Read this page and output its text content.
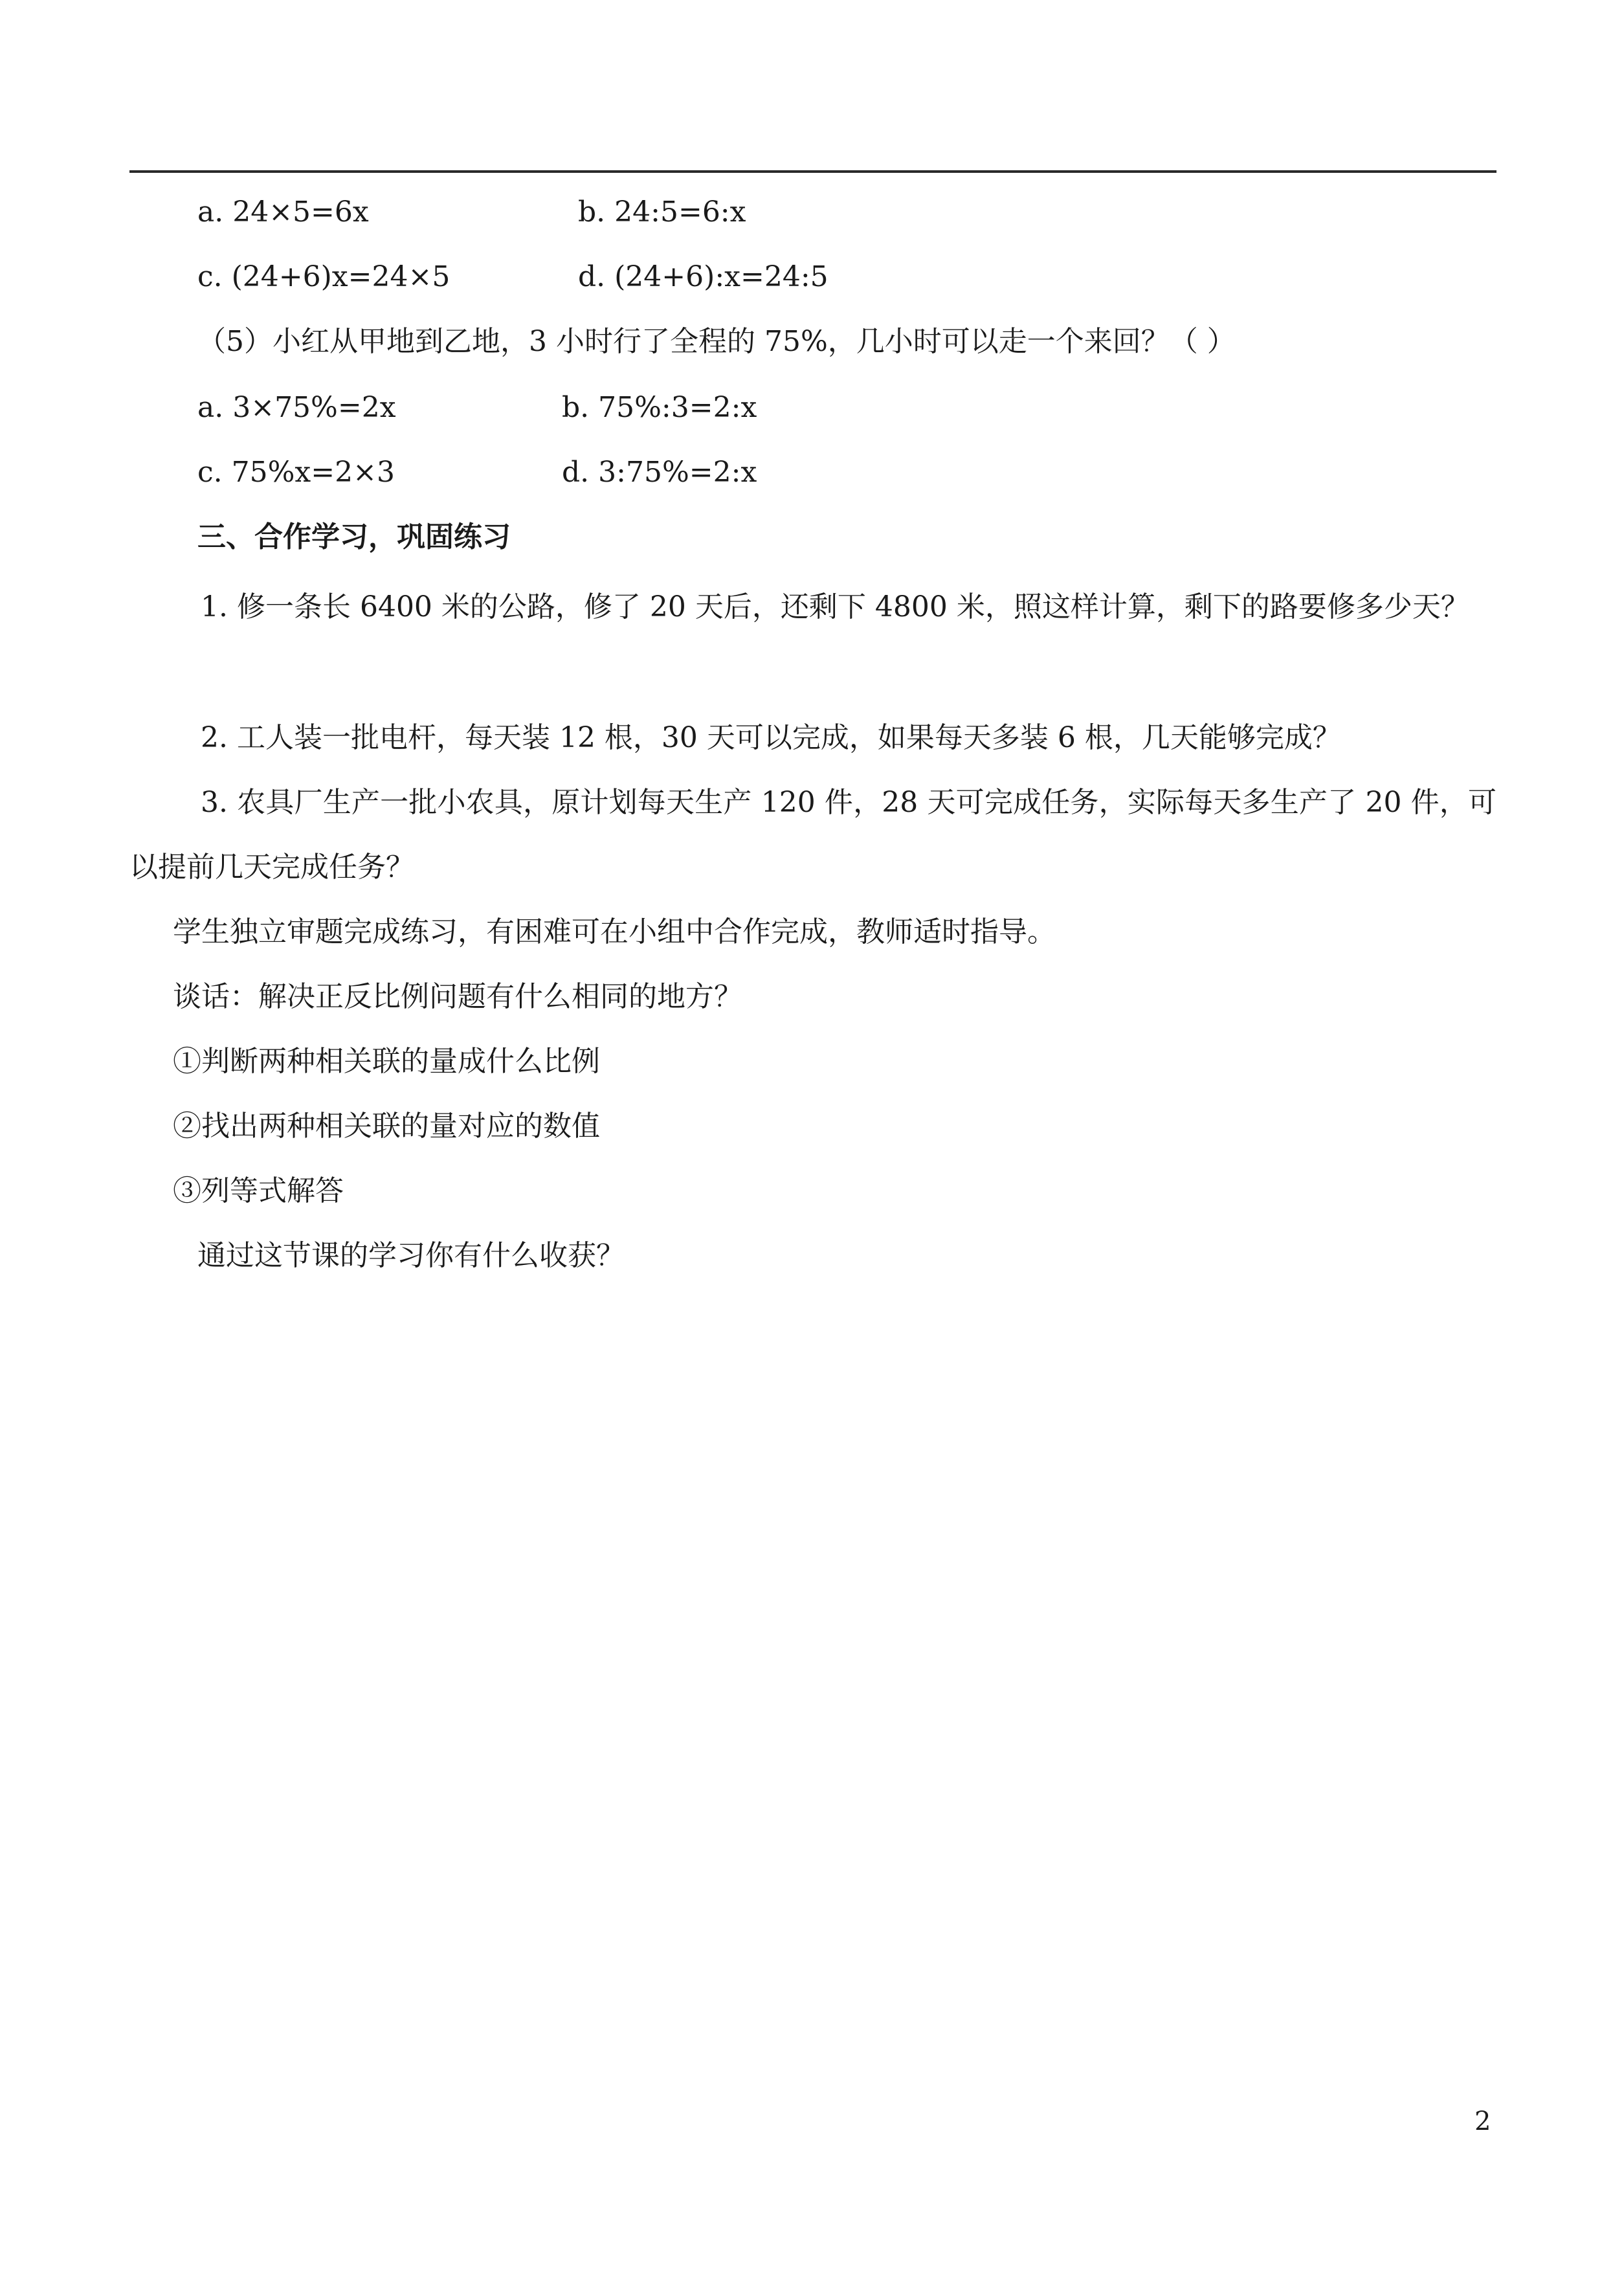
a. 24×5=6x	b. 24:5=6:x
c. (24+6)x=24×5	d. (24+6):x=24:5
（5）小红从甲地到乙地，3 小时行了全程的 75%，几小时可以走一个来回？（ ）
a. 3×75%=2x	b. 75%:3=2:x
c. 75%x=2×3	d. 3:75%=2:x
三、合作学习，巩固练习
1. 修一条长 6400 米的公路，修了 20 天后，还剩下 4800 米，照这样计算，剩下的路要修多少天？
2. 工人装一批电杆，每天装 12 根，30 天可以完成，如果每天多装 6 根，几天能够完成？
3. 农具厂生产一批小农具，原计划每天生产 120 件，28 天可完成任务，实际每天多生产了 20 件，可以提前几天完成任务？
学生独立审题完成练习，有困难可在小组中合作完成，教师适时指导。
谈话：解决正反比例问题有什么相同的地方？
①判断两种相关联的量成什么比例
②找出两种相关联的量对应的数值
③列等式解答
通过这节课的学习你有什么收获？
2
